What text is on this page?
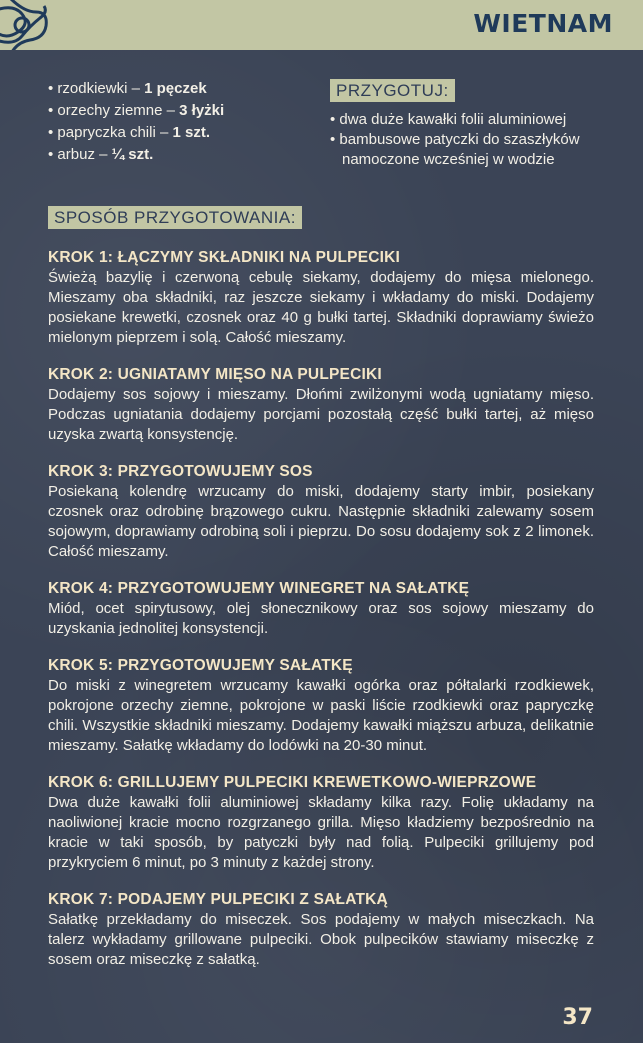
WIETNAM
• rzodkiewki – 1 pęczek
• orzechy ziemne – 3 łyżki
• papryczka chili – 1 szt.
• arbuz – ¼ szt.
PRZYGOTUJ:
• dwa duże kawałki folii aluminiowej
• bambusowe patyczki do szaszłyków namoczone wcześniej w wodzie
SPOSÓB PRZYGOTOWANIA:
KROK 1: ŁĄCZYMY SKŁADNIKI NA PULPECIKI

Świeżą bazylię i czerwoną cebulę siekamy, dodajemy do mięsa mielonego. Mieszamy oba składniki, raz jeszcze siekamy i wkładamy do miski. Dodajemy posiekane krewetki, czosnek oraz 40 g bułki tartej. Składniki doprawiamy świeżo mielonym pieprzem i solą. Całość mieszamy.

KROK 2: UGNIATAMY MIĘSO NA PULPECIKI

Dodajemy sos sojowy i mieszamy. Dłońmi zwilżonymi wodą ugniatamy mięso. Podczas ugniatania dodajemy porcjami pozostałą część bułki tartej, aż mięso uzyska zwartą konsystencję.

KROK 3: PRZYGOTOWUJEMY SOS

Posiekaną kolendrę wrzucamy do miski, dodajemy starty imbir, posiekany czosnek oraz odrobinę brązowego cukru. Następnie składniki zalewamy sosem sojowym, doprawiamy odrobiną soli i pieprzu. Do sosu dodajemy sok z 2 limonek. Całość mieszamy.

KROK 4: PRZYGOTOWUJEMY WINEGRET NA SAŁATKĘ

Miód, ocet spirytusowy, olej słonecznikowy oraz sos sojowy mieszamy do uzyskania jednolitej konsystencji.

KROK 5: PRZYGOTOWUJEMY SAŁATKĘ

Do miski z winegretem wrzucamy kawałki ogórka oraz półtalarki rzodkiewek, pokrojone orzechy ziemne, pokrojone w paski liście rzodkiewki oraz papryczkę chili. Wszystkie składniki mieszamy. Dodajemy kawałki miąższu arbuza, delikatnie mieszamy. Sałatkę wkładamy do lodówki na 20-30 minut.

KROK 6: GRILLUJEMY PULPECIKI KREWETKOWO-WIEPRZOWE

Dwa duże kawałki folii aluminiowej składamy kilka razy. Folię układamy na naoliwionej kracie mocno rozgrzanego grilla. Mięso kładziemy bezpośrednio na kracie w taki sposób, by patyczki były nad folią. Pulpeciki grillujemy pod przykryciem 6 minut, po 3 minuty z każdej strony.

KROK 7: PODAJEMY PULPECIKI Z SAŁATKĄ

Sałatkę przekładamy do miseczek. Sos podajemy w małych miseczkach. Na talerz wykładamy grillowane pulpeciki. Obok pulpecików stawiamy miseczkę z sosem oraz miseczkę z sałatką.

37
